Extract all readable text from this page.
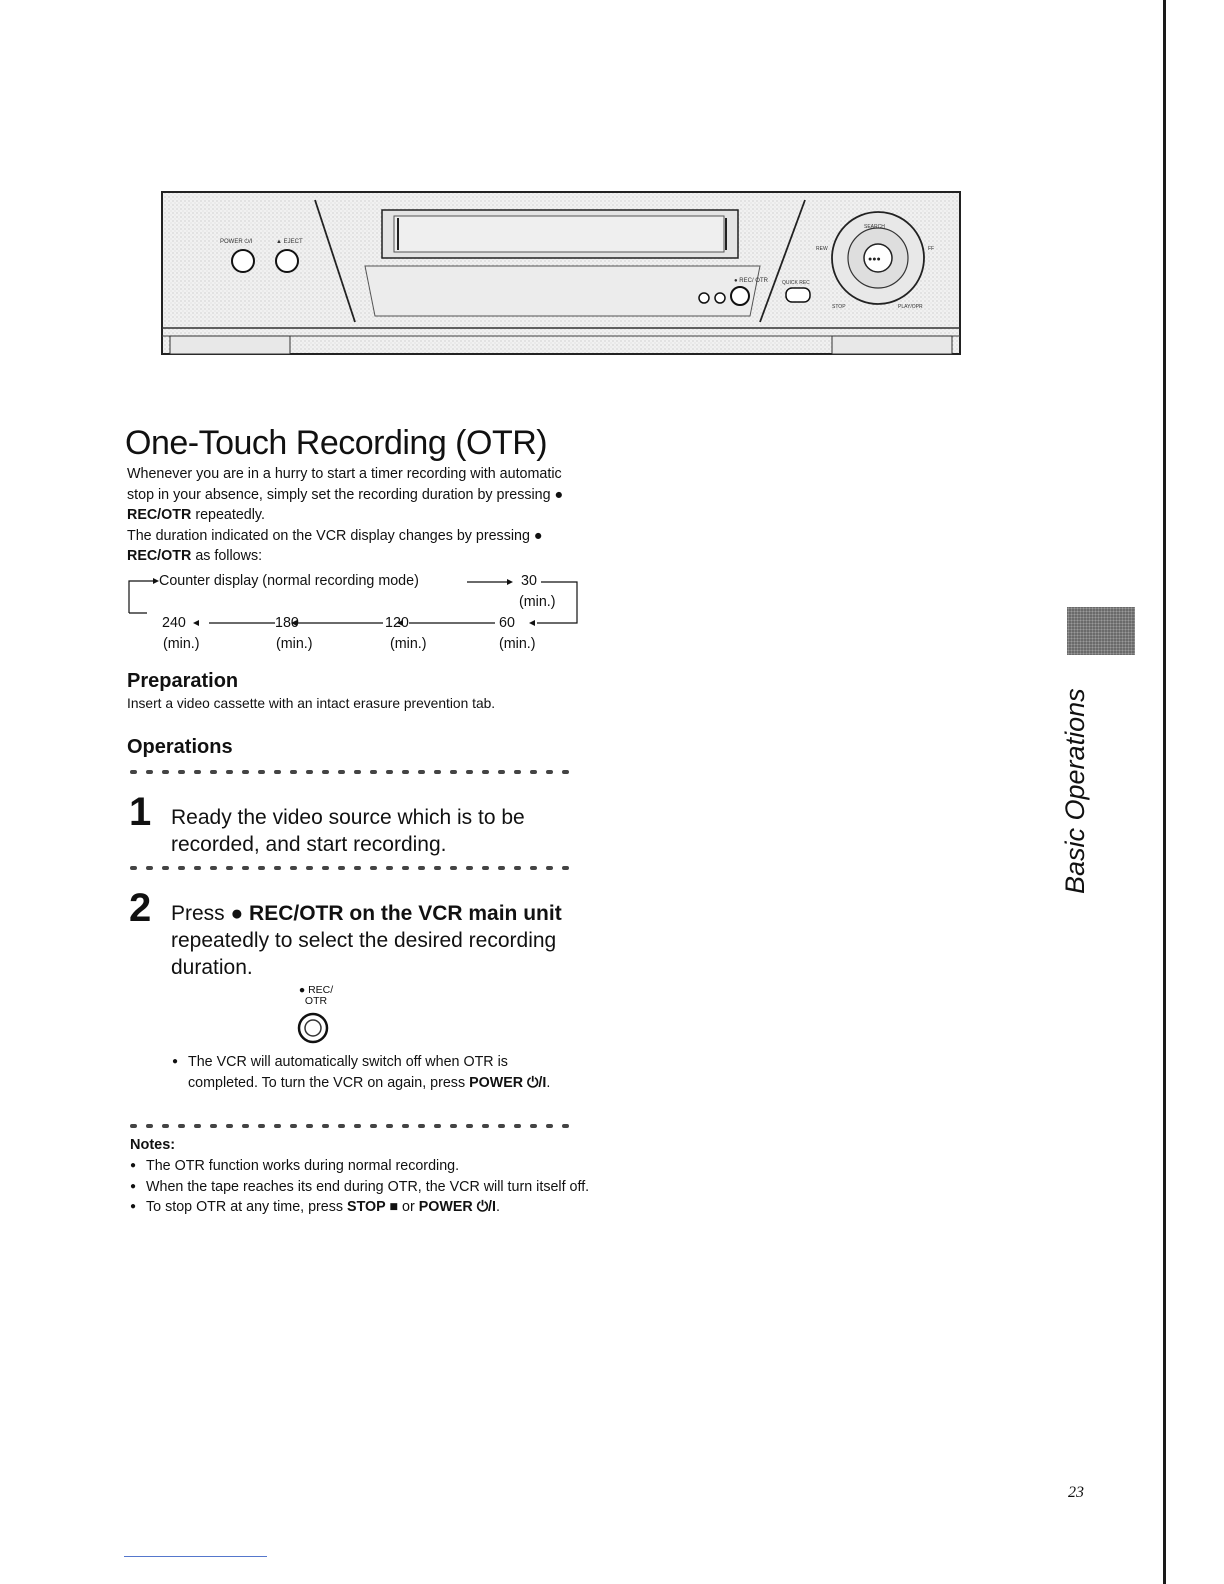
POWER ⏻/I	▲ EJECT
● REC/ OTR	QUICK REC
●●●
SEARCH
REW	FF
STOP	PLAY/OPR
One-Touch Recording (OTR)

Whenever you are in a hurry to start a timer recording with automatic stop in your absence, simply set the recording duration by pressing ● REC/OTR repeatedly.

The duration indicated on the VCR display changes by pressing ● REC/OTR as follows:

Counter display (normal recording mode)	30
(min.)
240	180	120	60
(min.)	(min.)	(min.)	(min.)
Preparation
Insert a video cassette with an intact erasure prevention tab.
Operations
1 Ready the video source which is to be recorded, and start recording.
2 Press ● REC/OTR on the VCR main unit repeatedly to select the desired recording duration.
● REC/
OTR
● The VCR will automatically switch off when OTR is completed. To turn the VCR on again, press POWER ⏻/I.
Notes:
● The OTR function works during normal recording.
● When the tape reaches its end during OTR, the VCR will turn itself off.
● To stop OTR at any time, press STOP ■ or POWER ⏻/I.
Basic Operations
23
